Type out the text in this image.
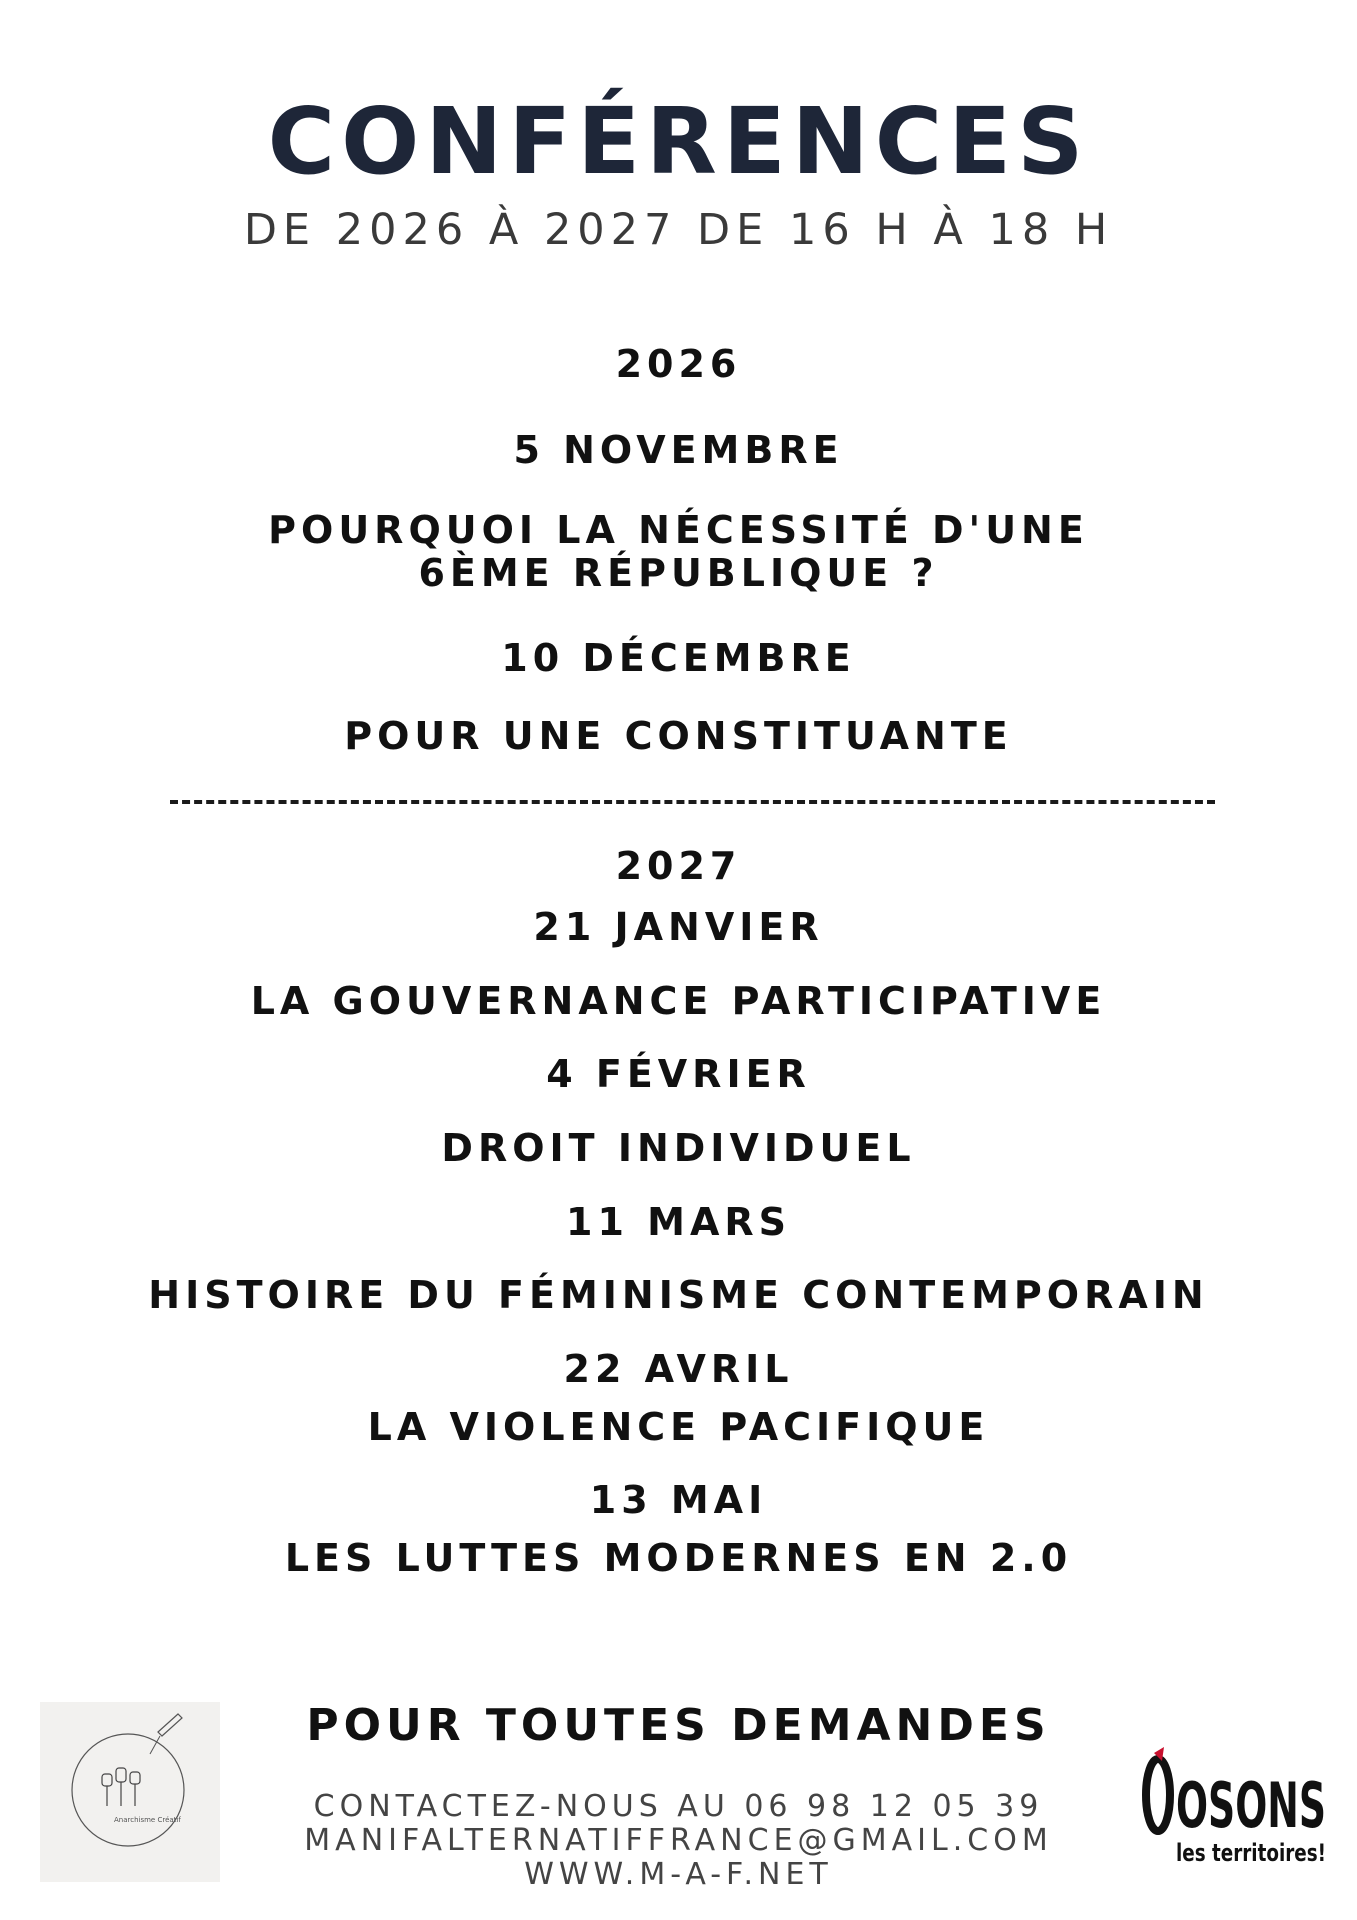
CONFÉRENCES
DE 2026 À 2027 DE 16 H À 18 H
2026
5 NOVEMBRE
POURQUOI LA NÉCESSITÉ D'UNE
6ÈME RÉPUBLIQUE ?
10 DÉCEMBRE
POUR UNE CONSTITUANTE
2027
21 JANVIER
LA GOUVERNANCE PARTICIPATIVE
4 FÉVRIER
DROIT INDIVIDUEL
11 MARS
HISTOIRE DU FÉMINISME CONTEMPORAIN
22 AVRIL
LA VIOLENCE PACIFIQUE
13 MAI
LES LUTTES MODERNES EN 2.0
POUR TOUTES DEMANDES
CONTACTEZ-NOUS AU 06 98 12 05 39
MANIFALTERNATIFFRANCE@GMAIL.COM
WWW.M-A-F.NET
Anarchisme Créatif	OSONS
les territoires!
